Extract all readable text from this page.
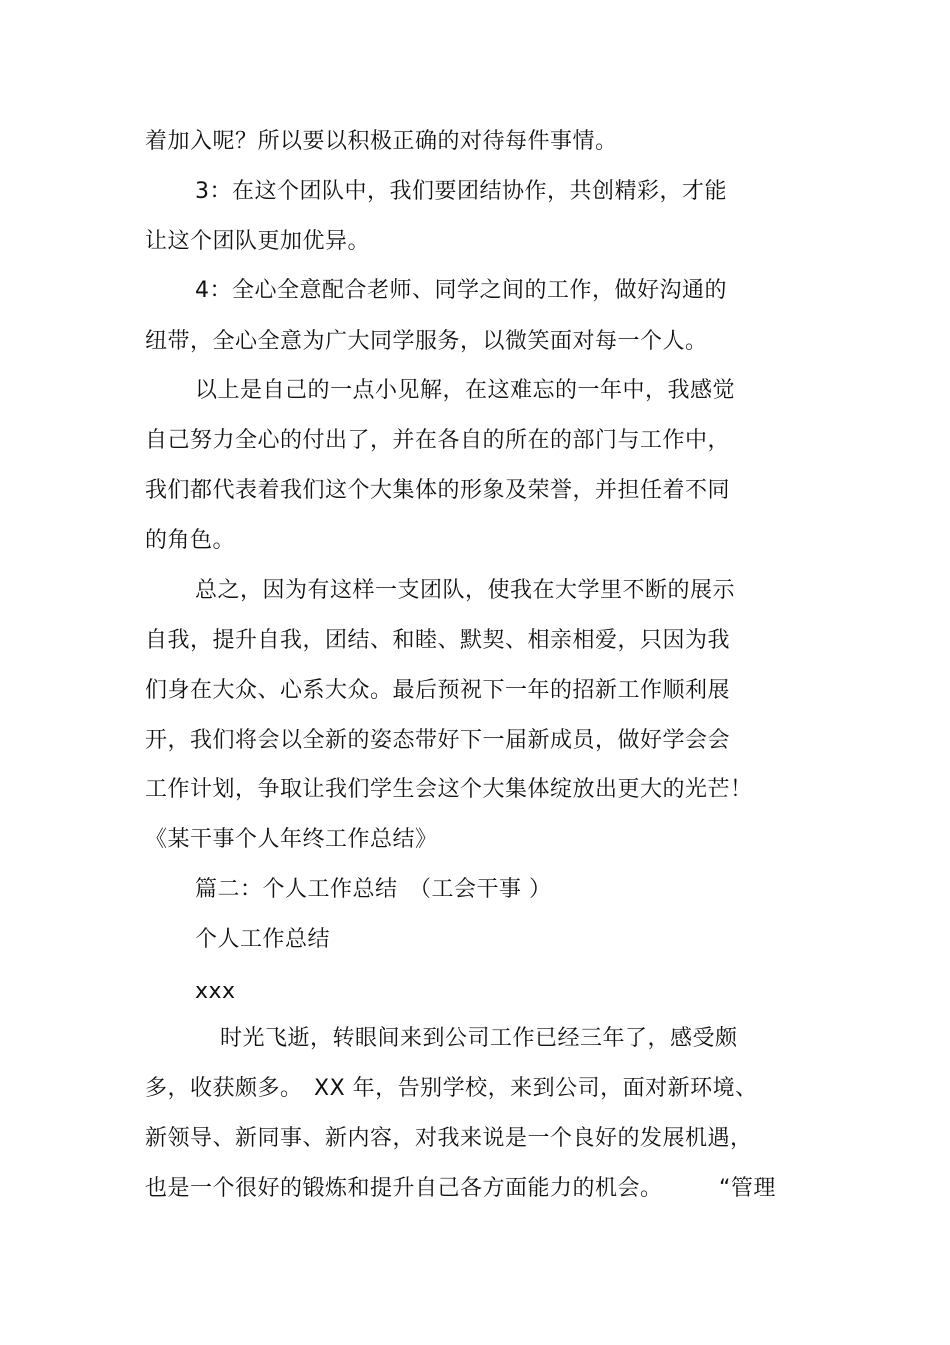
着加入呢？所以要以积极正确的对待每件事情。
3：在这个团队中，我们要团结协作，共创精彩，才能
让这个团队更加优异。
4：全心全意配合老师、同学之间的工作，做好沟通的
纽带，全心全意为广大同学服务，以微笑面对每一个人。
以上是自己的一点小见解，在这难忘的一年中，我感觉
自己努力全心的付出了，并在各自的所在的部门与工作中，
我们都代表着我们这个大集体的形象及荣誉，并担任着不同
的角色。
总之，因为有这样一支团队，使我在大学里不断的展示
自我，提升自我，团结、和睦、默契、相亲相爱，只因为我
们身在大众、心系大众。最后预祝下一年的招新工作顺利展
开，我们将会以全新的姿态带好下一届新成员，做好学会会
工作计划，争取让我们学生会这个大集体绽放出更大的光芒！
《某干事个人年终工作总结》
篇二：个人工作总结　（工会干事 ）
个人工作总结
xxx
时光飞逝，转眼间来到公司工作已经三年了，感受颇
多，收获颇多。　XX 年，告别学校，来到公司，面对新环境、
新领导、新同事、新内容，对我来说是一个良好的发展机遇，
也是一个很好的锻炼和提升自己各方面能力的机会。　　　“管理
